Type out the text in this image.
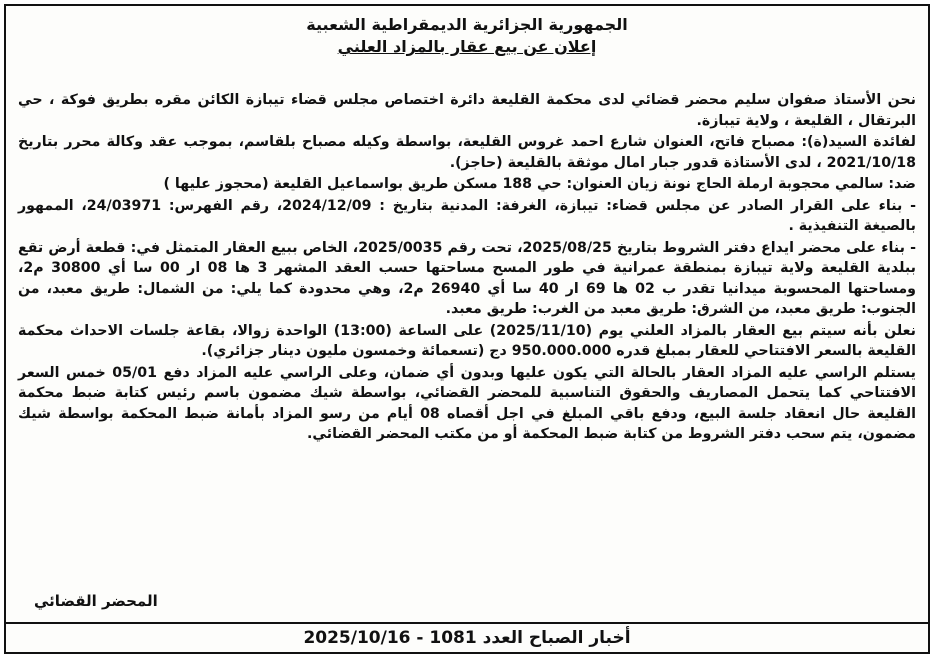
الجمهورية الجزائرية الديمقراطية الشعبية
إعلان عن بيع عقار بالمزاد العلني

نحن الأستاذ صفوان سليم محضر قضائي لدى محكمة القليعة دائرة اختصاص مجلس قضاء تيبازة الكائن مقره بطريق فوكة ، حي البرتقال ، القليعة ، ولاية تيبازة.

لفائدة السيد(ة): مصباح فاتح، العنوان شارع احمد غروس القليعة، بواسطة وكيله مصباح بلقاسم، بموجب عقد وكالة محرر بتاريخ 2021/10/18 ، لدى الأستاذة قدور جبار امال موثقة بالقليعة (حاجز).

ضد: سالمي محجوبة ارملة الحاج نونة زيان العنوان: حي 188 مسكن طريق بواسماعيل القليعة (محجوز عليها )

- بناء على القرار الصادر عن مجلس قضاء: تيبازة، الغرفة: المدنية بتاريخ : 2024/12/09، رقم الفهرس: 24/03971، الممهور بالصيغة التنفيذية .

- بناء على محضر ايداع دفتر الشروط بتاريخ 2025/08/25، تحت رقم 2025/0035، الخاص ببيع العقار المتمثل في: قطعة أرض تقع ببلدية القليعة ولاية تيبازة بمنطقة عمرانية في طور المسح مساحتها حسب العقد المشهر 3 ها 08 ار 00 سا أي 30800 م2، ومساحتها المحسوبة ميدانيا تقدر ب 02 ها 69 ار 40 سا أي 26940 م2، وهي محدودة كما يلي: من الشمال: طريق معبد، من الجنوب: طريق معبد، من الشرق: طريق معبد من الغرب: طريق معبد.

نعلن بأنه سيتم بيع العقار بالمزاد العلني يوم (2025/11/10) على الساعة (13:00) الواحدة زوالا، بقاعة جلسات الاحداث محكمة القليعة بالسعر الافتتاحي للعقار بمبلغ قدره 950.000.000 دج (تسعمائة وخمسون مليون دينار جزائري).

يستلم الراسي عليه المزاد العقار بالحالة التي يكون عليها وبدون أي ضمان، وعلى الراسي عليه المزاد دفع 05/01 خمس السعر الافتتاحي كما يتحمل المصاريف والحقوق التناسبية للمحضر القضائي، بواسطة شيك مضمون باسم رئيس كتابة ضبط محكمة القليعة حال انعقاد جلسة البيع، ودفع باقي المبلغ في اجل أقصاه 08 أيام من رسو المزاد بأمانة ضبط المحكمة بواسطة شيك مضمون، يتم سحب دفتر الشروط من كتابة ضبط المحكمة أو من مكتب المحضر القضائي.

المحضر القضائي
أخبار الصباح العدد 1081 - 2025/10/16
